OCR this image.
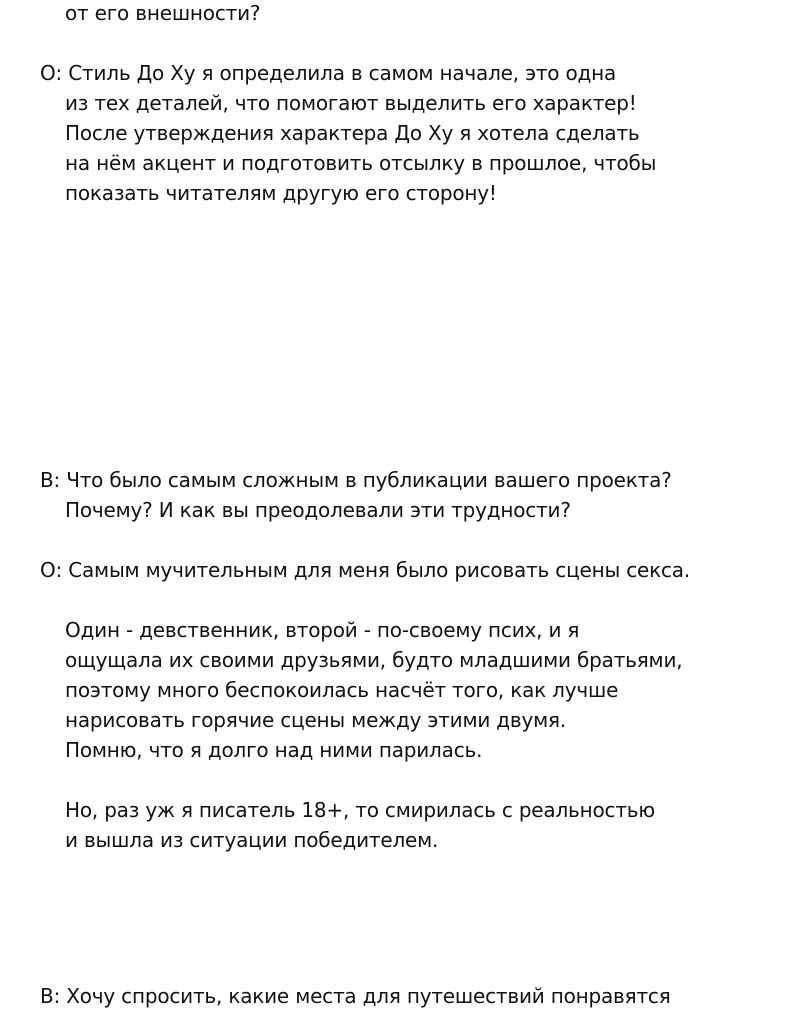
от его внешности?
О: Стиль До Ху я определила в самом начале, это одна
из тех деталей, что помогают выделить его характер!
После утверждения характера До Ху я хотела сделать
на нём акцент и подготовить отсылку в прошлое, чтобы
показать читателям другую его сторону!
В: Что было самым сложным в публикации вашего проекта?
Почему? И как вы преодолевали эти трудности?
О: Самым мучительным для меня было рисовать сцены секса.
Один - девственник, второй - по-своему псих, и я
ощущала их своими друзьями, будто младшими братьями,
поэтому много беспокоилась насчёт того, как лучше
нарисовать горячие сцены между этими двумя.
Помню, что я долго над ними парилась.
Но, раз уж я писатель 18+, то смирилась с реальностью
и вышла из ситуации победителем.
В: Хочу спросить, какие места для путешествий понравятся
